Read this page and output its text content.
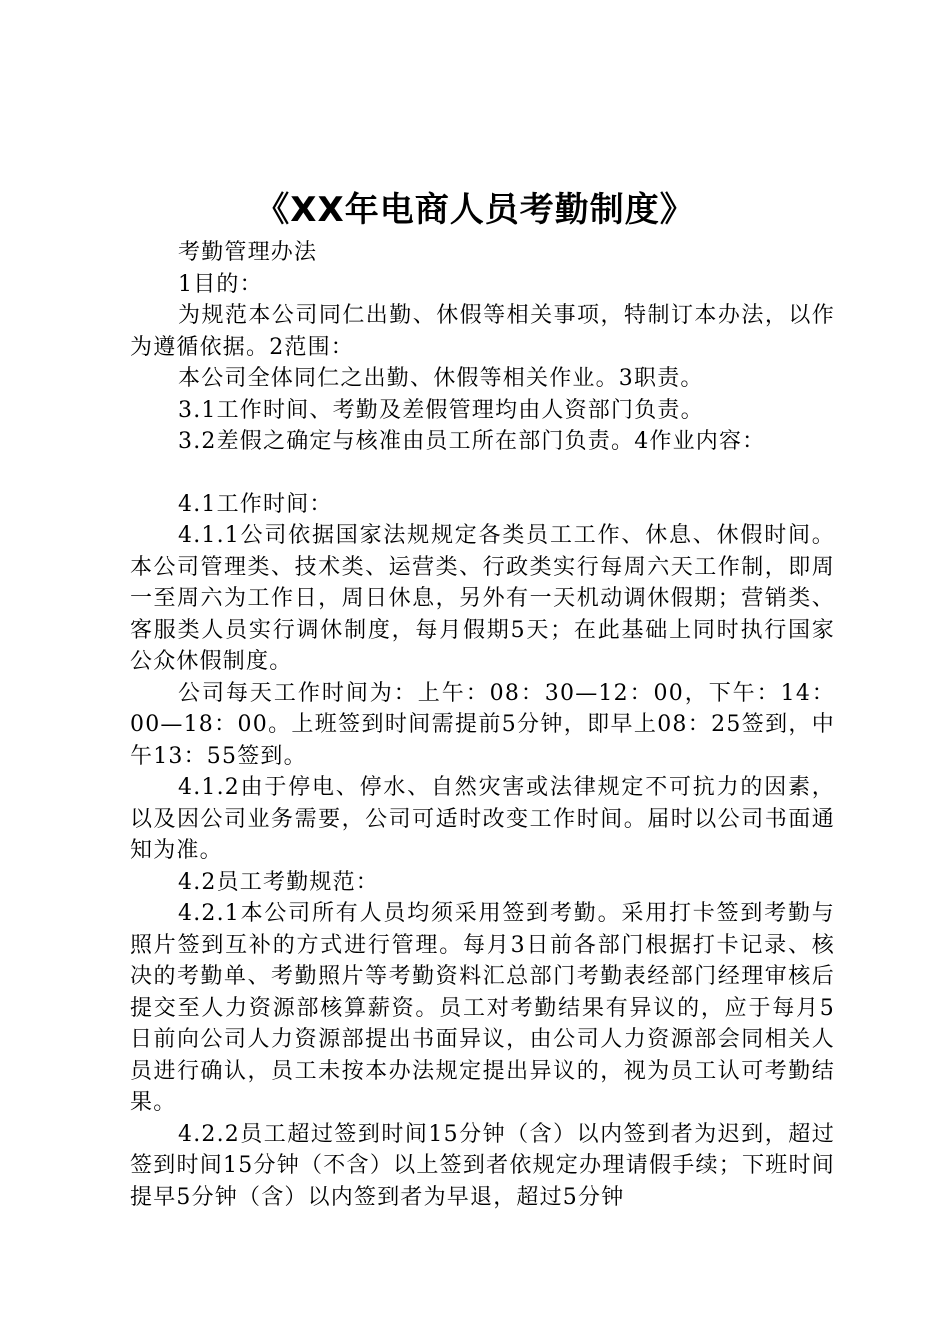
《XX年电商人员考勤制度》

考勤管理办法

1目的：

为规范本公司同仁出勤、休假等相关事项，特制订本办法，以作为遵循依据。2范围：

本公司全体同仁之出勤、休假等相关作业。3职责。

3.1工作时间、考勤及差假管理均由人资部门负责。

3.2差假之确定与核准由员工所在部门负责。4作业内容：

4.1工作时间：

4.1.1公司依据国家法规规定各类员工工作、休息、休假时间。本公司管理类、技术类、运营类、行政类实行每周六天工作制，即周一至周六为工作日，周日休息，另外有一天机动调休假期；营销类、客服类人员实行调休制度，每月假期5天；在此基础上同时执行国家公众休假制度。

公司每天工作时间为：上午：08：30—12：00，下午：14：00—18：00。上班签到时间需提前5分钟，即早上08：25签到，中午13：55签到。

4.1.2由于停电、停水、自然灾害或法律规定不可抗力的因素，以及因公司业务需要，公司可适时改变工作时间。届时以公司书面通知为准。

4.2员工考勤规范：

4.2.1本公司所有人员均须采用签到考勤。采用打卡签到考勤与照片签到互补的方式进行管理。每月3日前各部门根据打卡记录、核决的考勤单、考勤照片等考勤资料汇总部门考勤表经部门经理审核后提交至人力资源部核算薪资。员工对考勤结果有异议的，应于每月5日前向公司人力资源部提出书面异议，由公司人力资源部会同相关人员进行确认，员工未按本办法规定提出异议的，视为员工认可考勤结果。

4.2.2员工超过签到时间15分钟（含）以内签到者为迟到，超过签到时间15分钟（不含）以上签到者依规定办理请假手续；下班时间提早5分钟（含）以内签到者为早退，超过5分钟
